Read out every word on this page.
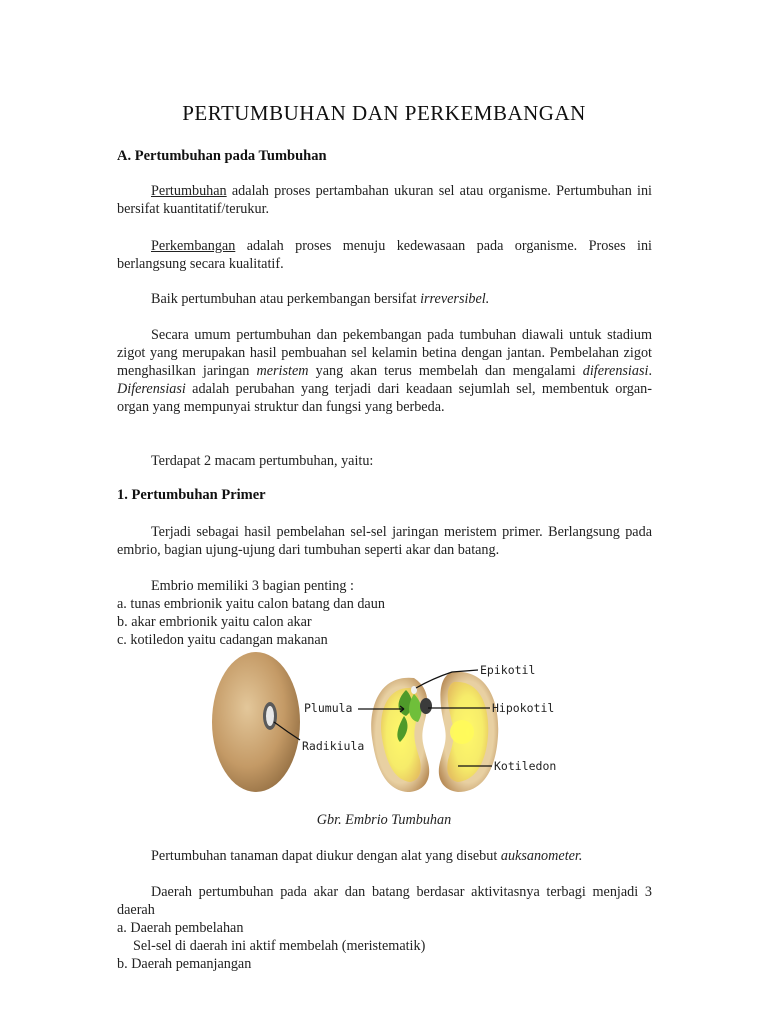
PERTUMBUHAN DAN PERKEMBANGAN
A. Pertumbuhan pada Tumbuhan

Pertumbuhan adalah proses pertambahan ukuran sel atau organisme. Pertumbuhan ini bersifat kuantitatif/terukur.

Perkembangan adalah proses menuju kedewasaan pada organisme. Proses ini berlangsung secara kualitatif.

Baik pertumbuhan atau perkembangan bersifat irreversibel.

Secara umum pertumbuhan dan pekembangan pada tumbuhan diawali untuk stadium zigot yang merupakan hasil pembuahan sel kelamin betina dengan jantan. Pembelahan zigot menghasilkan jaringan meristem yang akan terus membelah dan mengalami diferensiasi. Diferensiasi adalah perubahan yang terjadi dari keadaan sejumlah sel, membentuk organ-organ yang mempunyai struktur dan fungsi yang berbeda.

Terdapat 2 macam pertumbuhan, yaitu:

1. Pertumbuhan Primer

Terjadi sebagai hasil pembelahan sel-sel jaringan meristem primer. Berlangsung pada embrio, bagian ujung-ujung dari tumbuhan seperti akar dan batang.

Embrio memiliki 3 bagian penting :

a. tunas embrionik yaitu calon batang dan daun
b. akar embrionik yaitu calon akar
c. kotiledon yaitu cadangan makanan
Epikotil
Plumula	Hipokotil
Radikiula
Kotiledon
Gbr. Embrio Tumbuhan

Pertumbuhan tanaman dapat diukur dengan alat yang disebut auksanometer.

Daerah pertumbuhan pada akar dan batang berdasar aktivitasnya terbagi menjadi 3 daerah

a. Daerah pembelahan
Sel-sel di daerah ini aktif membelah (meristematik)
b. Daerah pemanjangan
